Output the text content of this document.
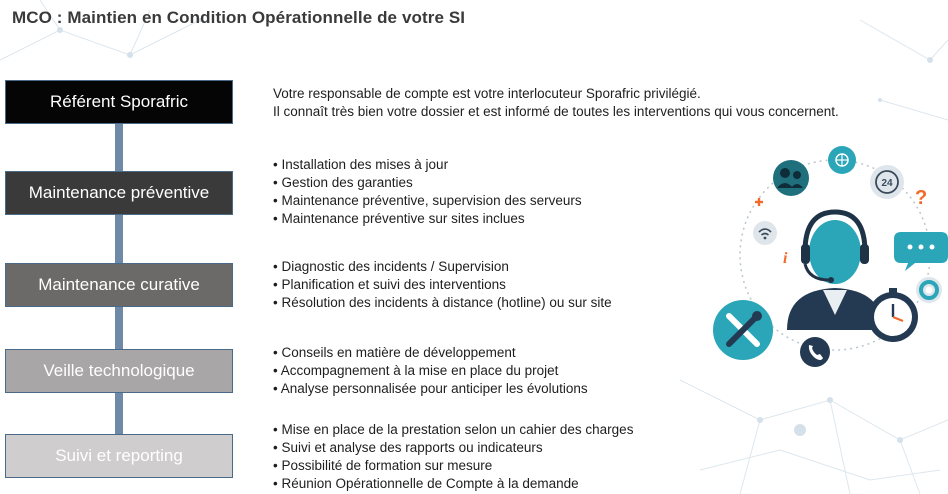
MCO : Maintien en Condition Opérationnelle de votre SI
Référent Sporafric
Maintenance préventive
Maintenance curative
Veille technologique
Suivi et reporting
Votre responsable de compte est votre interlocuteur Sporafric privilégié.
Il connaît très bien votre dossier et est informé de toutes les interventions qui vous concernent.
• Installation des mises à jour
• Gestion des garanties
• Maintenance préventive, supervision des serveurs
• Maintenance préventive sur sites inclues
• Diagnostic des incidents / Supervision
• Planification et suivi des interventions
• Résolution des incidents à distance (hotline) ou sur site
• Conseils en matière de développement
• Accompagnement à la mise en place du projet
• Analyse personnalisée pour anticiper les évolutions
• Mise en place de la prestation selon un cahier des charges
• Suivi et analyse des rapports ou indicateurs
• Possibilité de formation sur mesure
• Réunion Opérationnelle de Compte à la demande
24
?
i
